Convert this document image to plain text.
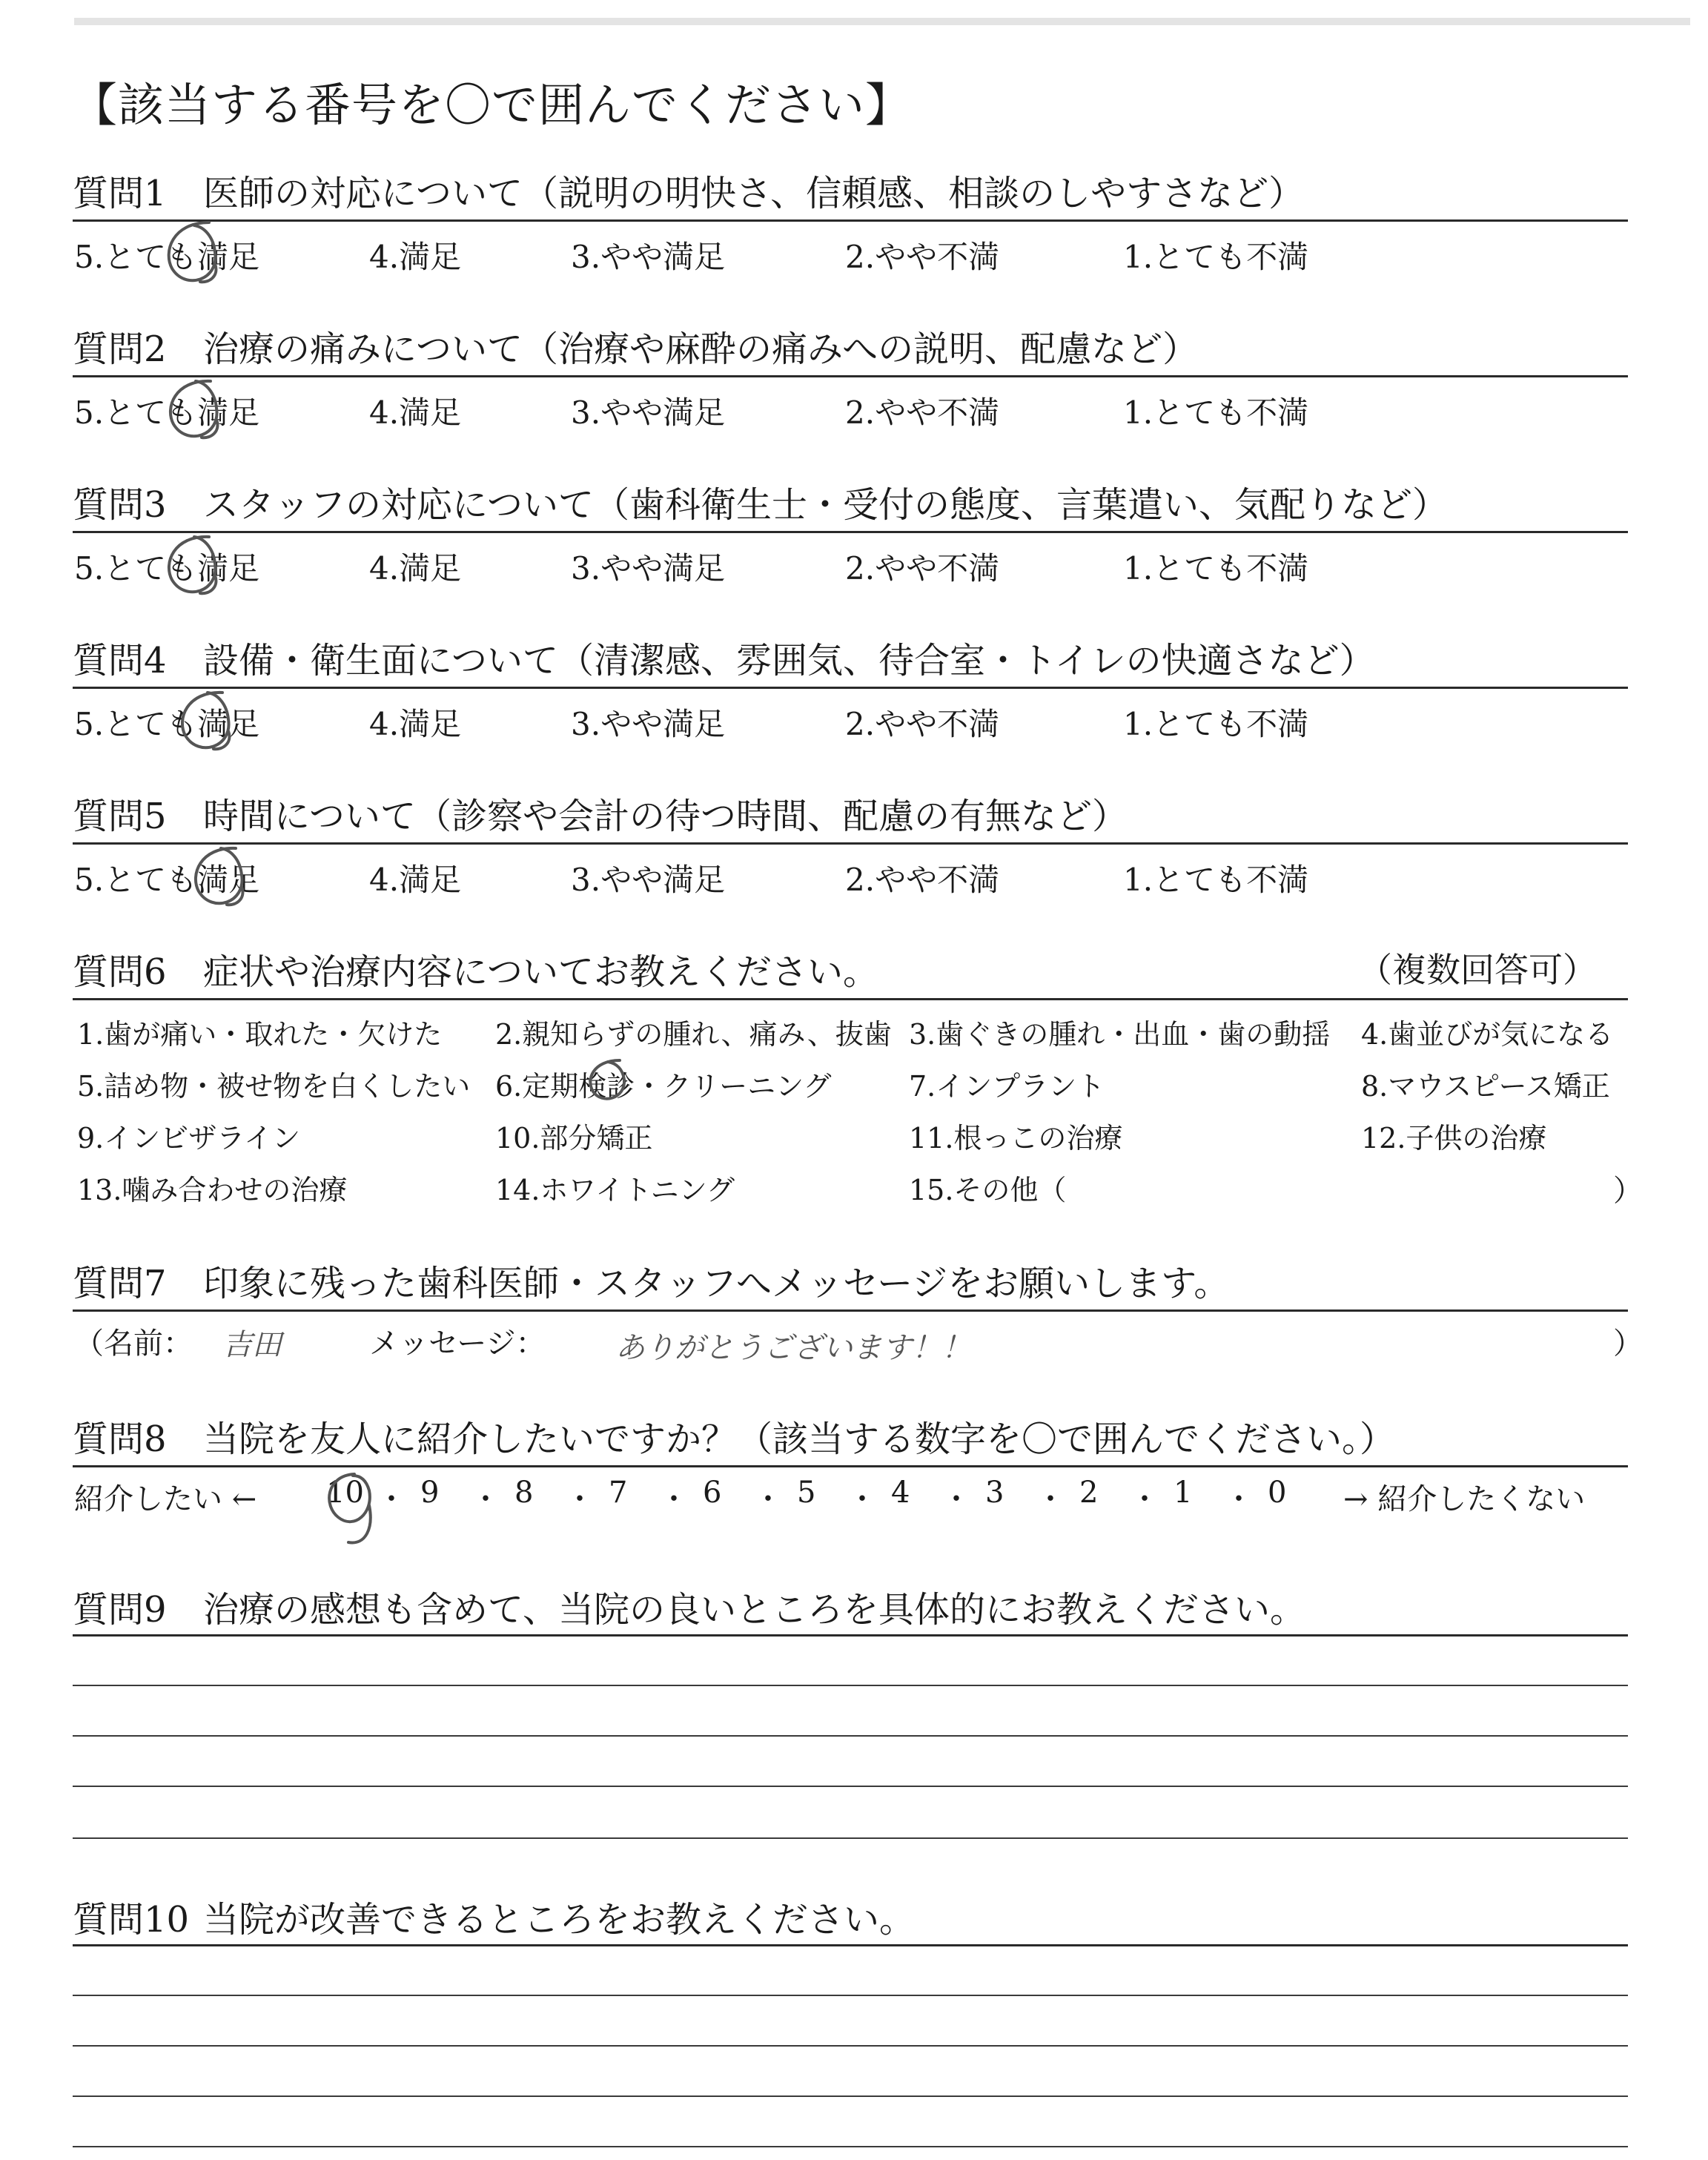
【該当する番号を〇で囲んでください】
質問1 医師の対応について（説明の明快さ、信頼感、相談のしやすさなど）
5.とても満足	4.満足	3.やや満足	2.やや不満	1.とても不満
質問2 治療の痛みについて（治療や麻酔の痛みへの説明、配慮など）
5.とても満足	4.満足	3.やや満足	2.やや不満	1.とても不満
質問3 スタッフの対応について（歯科衛生士・受付の態度、言葉遣い、気配りなど）
5.とても満足	4.満足	3.やや満足	2.やや不満	1.とても不満
質問4 設備・衛生面について（清潔感、雰囲気、待合室・トイレの快適さなど）
5.とても満足	4.満足	3.やや満足	2.やや不満	1.とても不満
質問5 時間について（診察や会計の待つ時間、配慮の有無など）
5.とても満足	4.満足	3.やや満足	2.やや不満	1.とても不満
質問6 症状や治療内容についてお教えください。	（複数回答可）
1.歯が痛い・取れた・欠けた 2.親知らずの腫れ、痛み、抜歯 3.歯ぐきの腫れ・出血・歯の動揺 4.歯並びが気になる
5.詰め物・被せ物を白くしたい 6.定期検診・クリーニング	7.インプラント	8.マウスピース矯正
9.インビザライン	10.部分矯正	11.根っこの治療	12.子供の治療
13.噛み合わせの治療	14.ホワイトニング	15.その他（	）
質問7 印象に残った歯科医師・スタッフへメッセージをお願いします。
（名前： 吉田	メッセージ： ありがとうございます！！	）
質問8 当院を友人に紹介したいですか？（該当する数字を〇で囲んでください。）
紹介したい ← 10 ・ 9 ・ 8 ・ 7 ・ 6 ・ 5 ・ 4 ・ 3 ・ 2 ・ 1 ・ 0 → 紹介したくない
質問9 治療の感想も含めて、当院の良いところを具体的にお教えください。
質問10 当院が改善できるところをお教えください。
